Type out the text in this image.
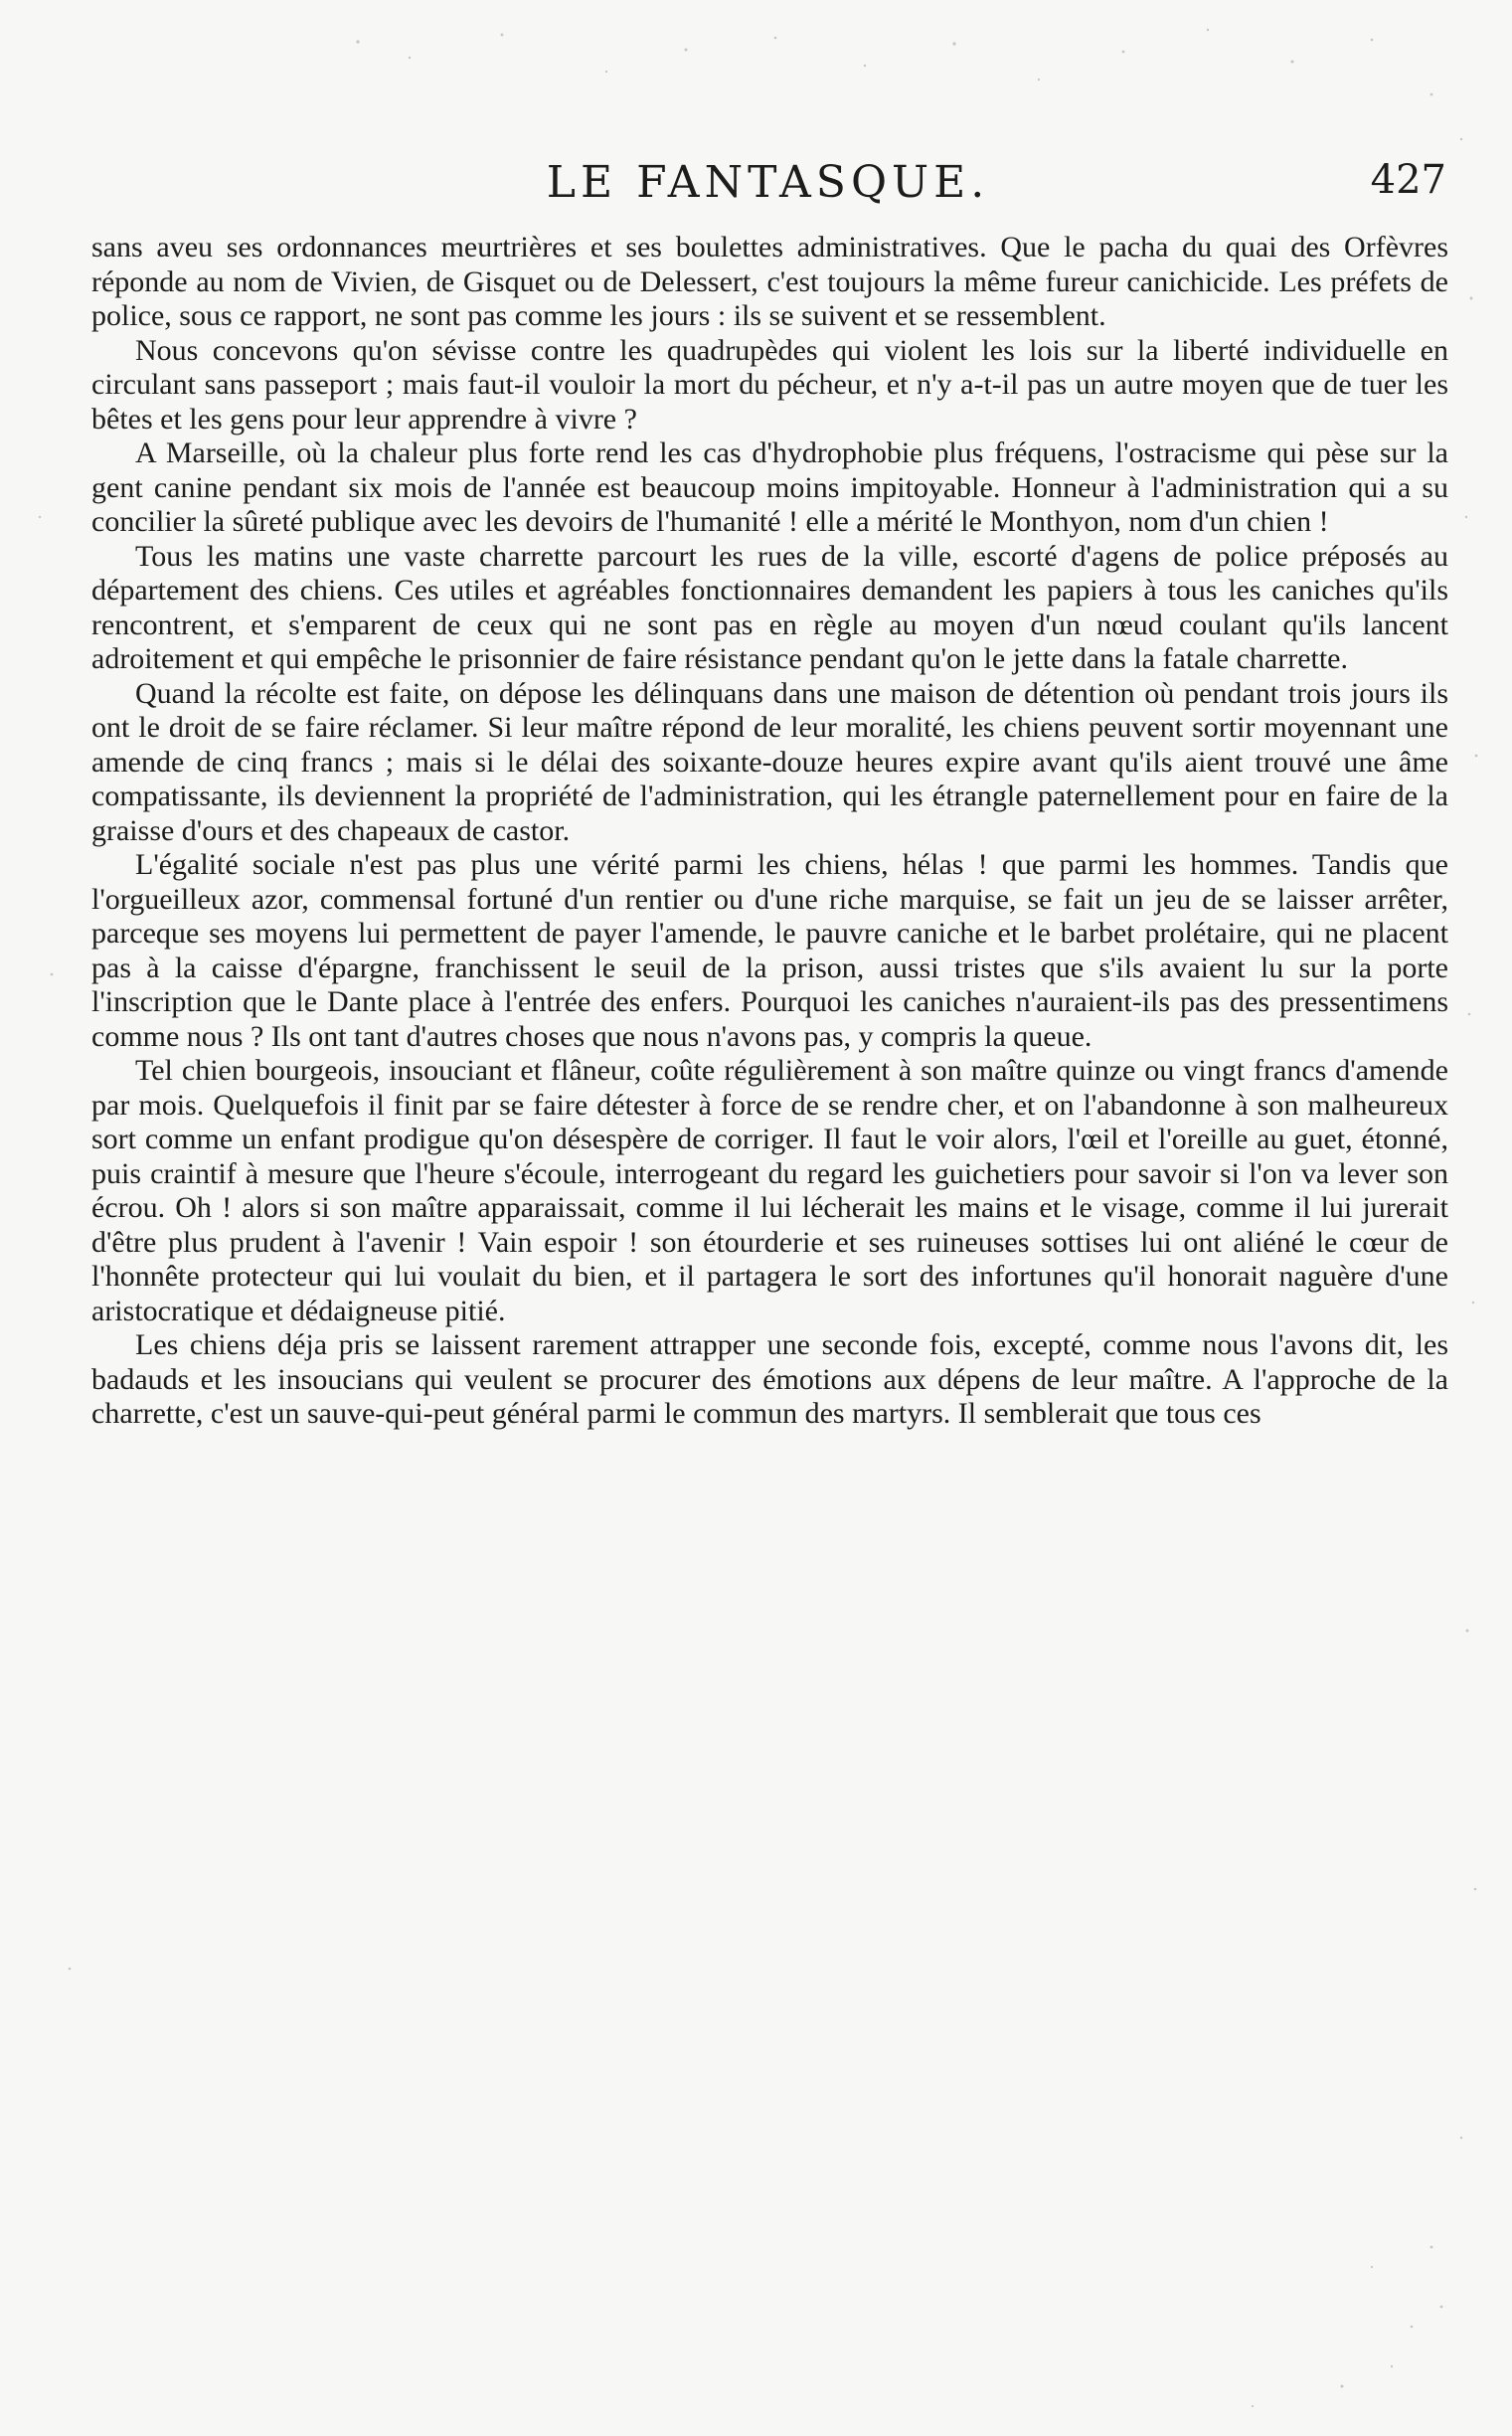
LE FANTASQUE.	427

sans aveu ses ordonnances meurtrières et ses boulettes administratives. Que le pacha du quai des Orfèvres réponde au nom de Vivien, de Gisquet ou de Delessert, c'est toujours la même fureur canichicide. Les préfets de police, sous ce rapport, ne sont pas comme les jours : ils se suivent et se ressemblent.

Nous concevons qu'on sévisse contre les quadrupèdes qui violent les lois sur la liberté individuelle en circulant sans passeport ; mais faut-il vouloir la mort du pécheur, et n'y a-t-il pas un autre moyen que de tuer les bêtes et les gens pour leur apprendre à vivre ?

A Marseille, où la chaleur plus forte rend les cas d'hydrophobie plus fréquens, l'ostracisme qui pèse sur la gent canine pendant six mois de l'année est beaucoup moins impitoyable. Honneur à l'administration qui a su concilier la sûreté publique avec les devoirs de l'humanité ! elle a mérité le Monthyon, nom d'un chien !

Tous les matins une vaste charrette parcourt les rues de la ville, escorté d'agens de police préposés au département des chiens. Ces utiles et agréables fonctionnaires demandent les papiers à tous les caniches qu'ils rencontrent, et s'emparent de ceux qui ne sont pas en règle au moyen d'un nœud coulant qu'ils lancent adroitement et qui empêche le prisonnier de faire résistance pendant qu'on le jette dans la fatale charrette.

Quand la récolte est faite, on dépose les délinquans dans une maison de détention où pendant trois jours ils ont le droit de se faire réclamer. Si leur maître répond de leur moralité, les chiens peuvent sortir moyennant une amende de cinq francs ; mais si le délai des soixante-douze heures expire avant qu'ils aient trouvé une âme compatissante, ils deviennent la propriété de l'administration, qui les étrangle paternellement pour en faire de la graisse d'ours et des chapeaux de castor.

L'égalité sociale n'est pas plus une vérité parmi les chiens, hélas ! que parmi les hommes. Tandis que l'orgueilleux azor, commensal fortuné d'un rentier ou d'une riche marquise, se fait un jeu de se laisser arrêter, parceque ses moyens lui permettent de payer l'amende, le pauvre caniche et le barbet prolétaire, qui ne placent pas à la caisse d'épargne, franchissent le seuil de la prison, aussi tristes que s'ils avaient lu sur la porte l'inscription que le Dante place à l'entrée des enfers. Pourquoi les caniches n'auraient-ils pas des pressentimens comme nous ? Ils ont tant d'autres choses que nous n'avons pas, y compris la queue.

Tel chien bourgeois, insouciant et flâneur, coûte régulièrement à son maître quinze ou vingt francs d'amende par mois. Quelquefois il finit par se faire détester à force de se rendre cher, et on l'abandonne à son malheureux sort comme un enfant prodigue qu'on désespère de corriger. Il faut le voir alors, l'œil et l'oreille au guet, étonné, puis craintif à mesure que l'heure s'écoule, interrogeant du regard les guichetiers pour savoir si l'on va lever son écrou. Oh ! alors si son maître apparaissait, comme il lui lécherait les mains et le visage, comme il lui jurerait d'être plus prudent à l'avenir ! Vain espoir ! son étourderie et ses ruineuses sottises lui ont aliéné le cœur de l'honnête protecteur qui lui voulait du bien, et il partagera le sort des infortunes qu'il honorait naguère d'une aristocratique et dédaigneuse pitié.

Les chiens déja pris se laissent rarement attrapper une seconde fois, excepté, comme nous l'avons dit, les badauds et les insoucians qui veulent se procurer des émotions aux dépens de leur maître. A l'approche de la charrette, c'est un sauve-qui-peut général parmi le commun des martyrs. Il semblerait que tous ces
